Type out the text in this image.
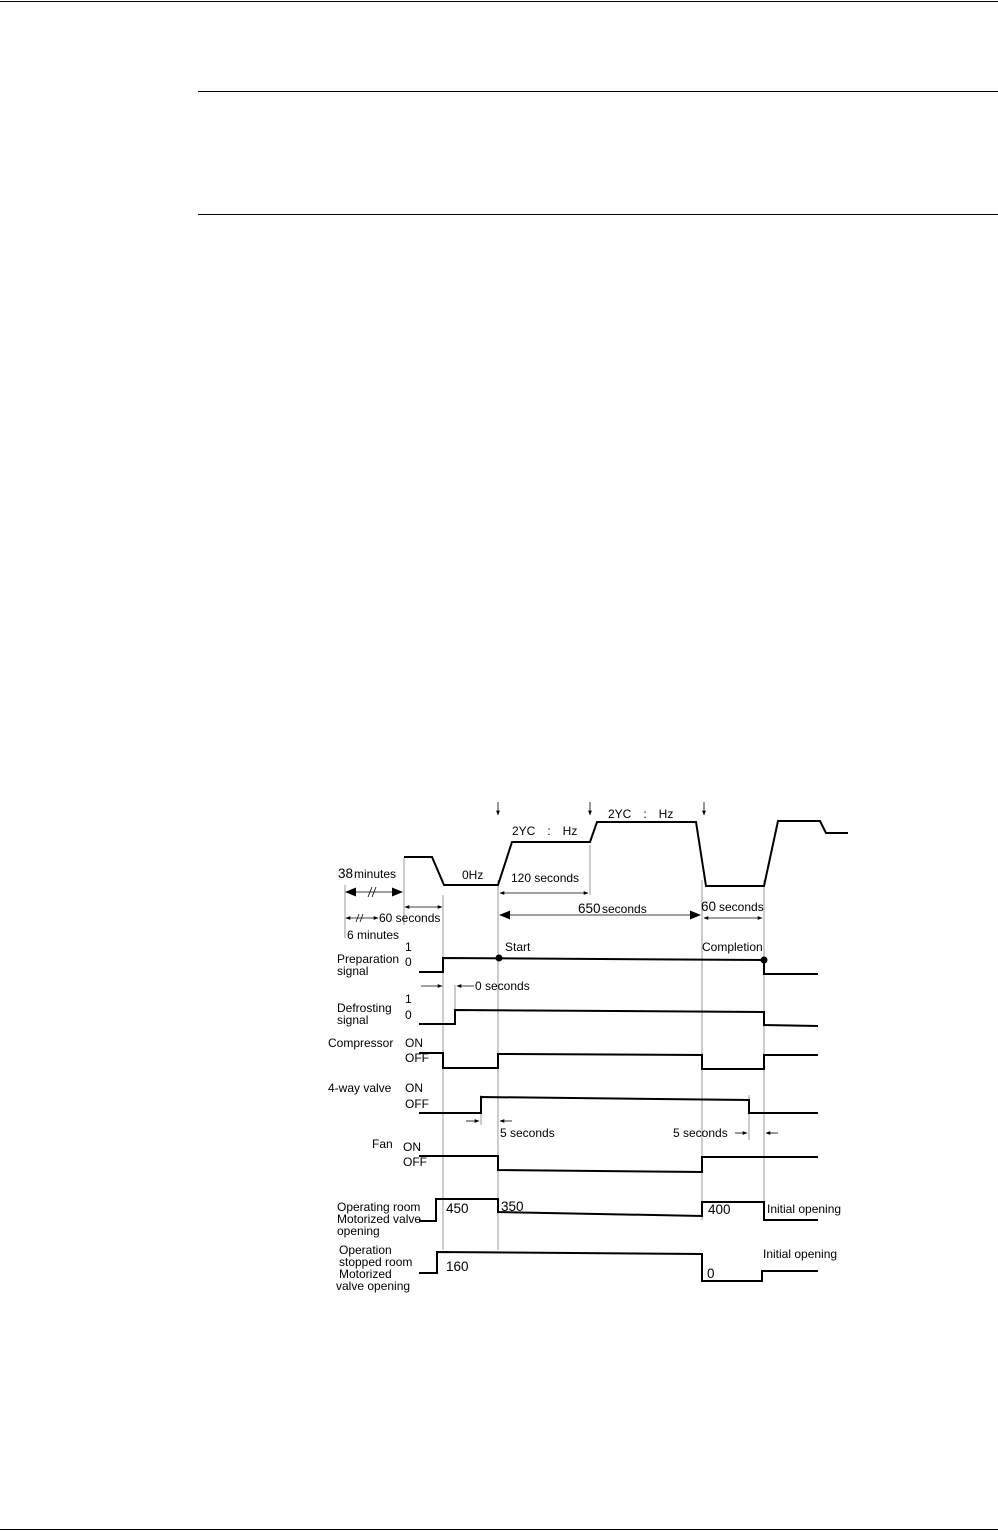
2YC　:　Hz
2YC　:　Hz
0Hz
38 minutes
60 seconds
6 minutes
120 seconds
650 seconds	60 seconds
Start	Completion
Preparation
signal
1
0
0 seconds
Defrosting
signal
1
0
Compressor ON
OFF
4-way valve ON
OFF
5 seconds	5 seconds
Fan ON
OFF
Operating room
Motorized valve
opening
450 350	400	Initial opening
Operation
stopped room
Motorized
valve opening
160	0
Initial opening
